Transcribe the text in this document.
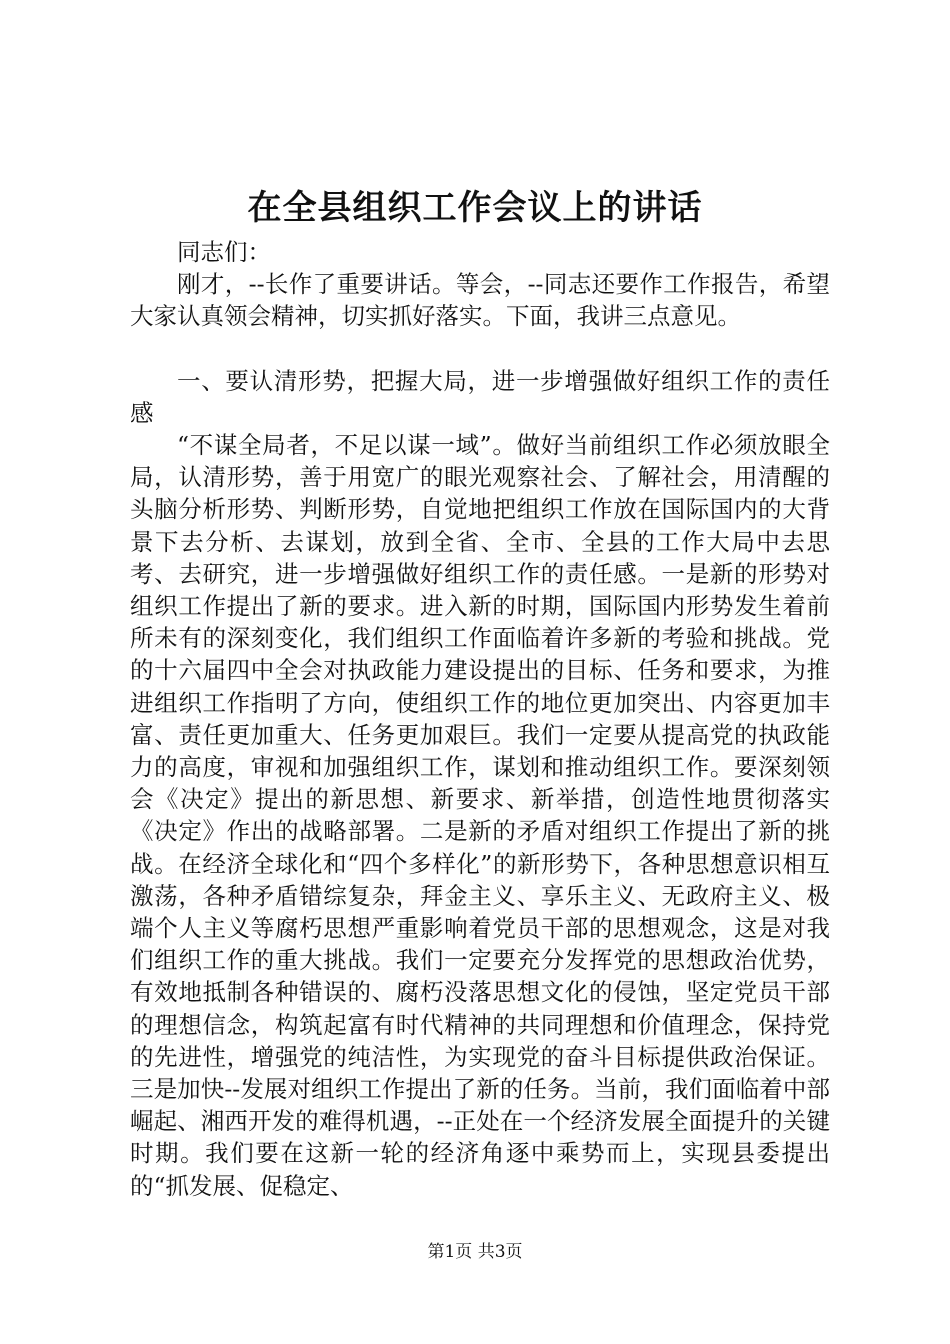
在全县组织工作会议上的讲话

同志们：

刚才，--长作了重要讲话。等会，--同志还要作工作报告，希望大家认真领会精神，切实抓好落实。下面，我讲三点意见。

一、要认清形势，把握大局，进一步增强做好组织工作的责任感

“不谋全局者，不足以谋一域”。做好当前组织工作必须放眼全局，认清形势，善于用宽广的眼光观察社会、了解社会，用清醒的头脑分析形势、判断形势，自觉地把组织工作放在国际国内的大背景下去分析、去谋划，放到全省、全市、全县的工作大局中去思考、去研究，进一步增强做好组织工作的责任感。一是新的形势对组织工作提出了新的要求。进入新的时期，国际国内形势发生着前所未有的深刻变化，我们组织工作面临着许多新的考验和挑战。党的十六届四中全会对执政能力建设提出的目标、任务和要求，为推进组织工作指明了方向，使组织工作的地位更加突出、内容更加丰富、责任更加重大、任务更加艰巨。我们一定要从提高党的执政能力的高度，审视和加强组织工作，谋划和推动组织工作。要深刻领会《决定》提出的新思想、新要求、新举措，创造性地贯彻落实《决定》作出的战略部署。二是新的矛盾对组织工作提出了新的挑战。在经济全球化和“四个多样化”的新形势下，各种思想意识相互激荡，各种矛盾错综复杂，拜金主义、享乐主义、无政府主义、极端个人主义等腐朽思想严重影响着党员干部的思想观念，这是对我们组织工作的重大挑战。我们一定要充分发挥党的思想政治优势，有效地抵制各种错误的、腐朽没落思想文化的侵蚀，坚定党员干部的理想信念，构筑起富有时代精神的共同理想和价值理念，保持党的先进性，增强党的纯洁性，为实现党的奋斗目标提供政治保证。三是加快--发展对组织工作提出了新的任务。当前，我们面临着中部崛起、湘西开发的难得机遇，--正处在一个经济发展全面提升的关键时期。我们要在这新一轮的经济角逐中乘势而上，实现县委提出的“抓发展、促稳定、

第1页 共3页
